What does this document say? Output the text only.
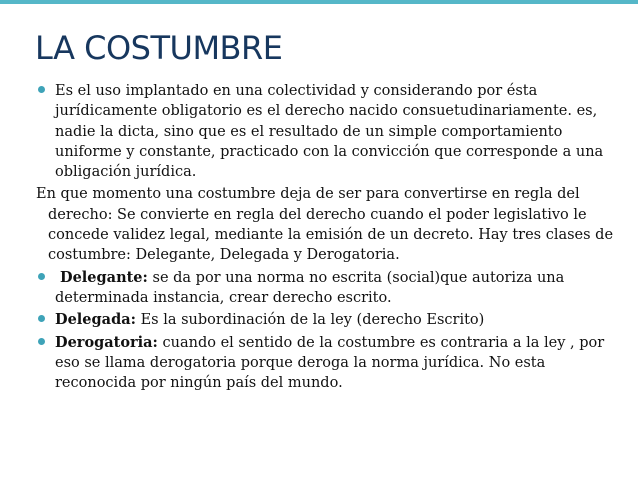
LA COSTUMBRE
Es el uso implantado en una colectividad y considerando por ésta jurídicamente obligatorio es el derecho nacido consuetudinariamente. es, nadie la dicta, sino que es el resultado de un simple comportamiento uniforme y constante, practicado con la convicción que corresponde a una obligación jurídica.
En que momento una costumbre deja de ser para convertirse en regla del derecho: Se convierte en regla del derecho cuando el poder legislativo le concede validez legal, mediante la emisión de un decreto. Hay tres clases de costumbre: Delegante, Delegada y Derogatoria.
Delegante: se da por una norma no escrita (social)que autoriza una determinada instancia, crear derecho escrito.
Delegada: Es la subordinación de la ley (derecho Escrito)
Derogatoria: cuando el sentido de la costumbre es contraria a la ley , por eso se llama derogatoria porque deroga la norma jurídica. No esta reconocida por ningún país del mundo.
